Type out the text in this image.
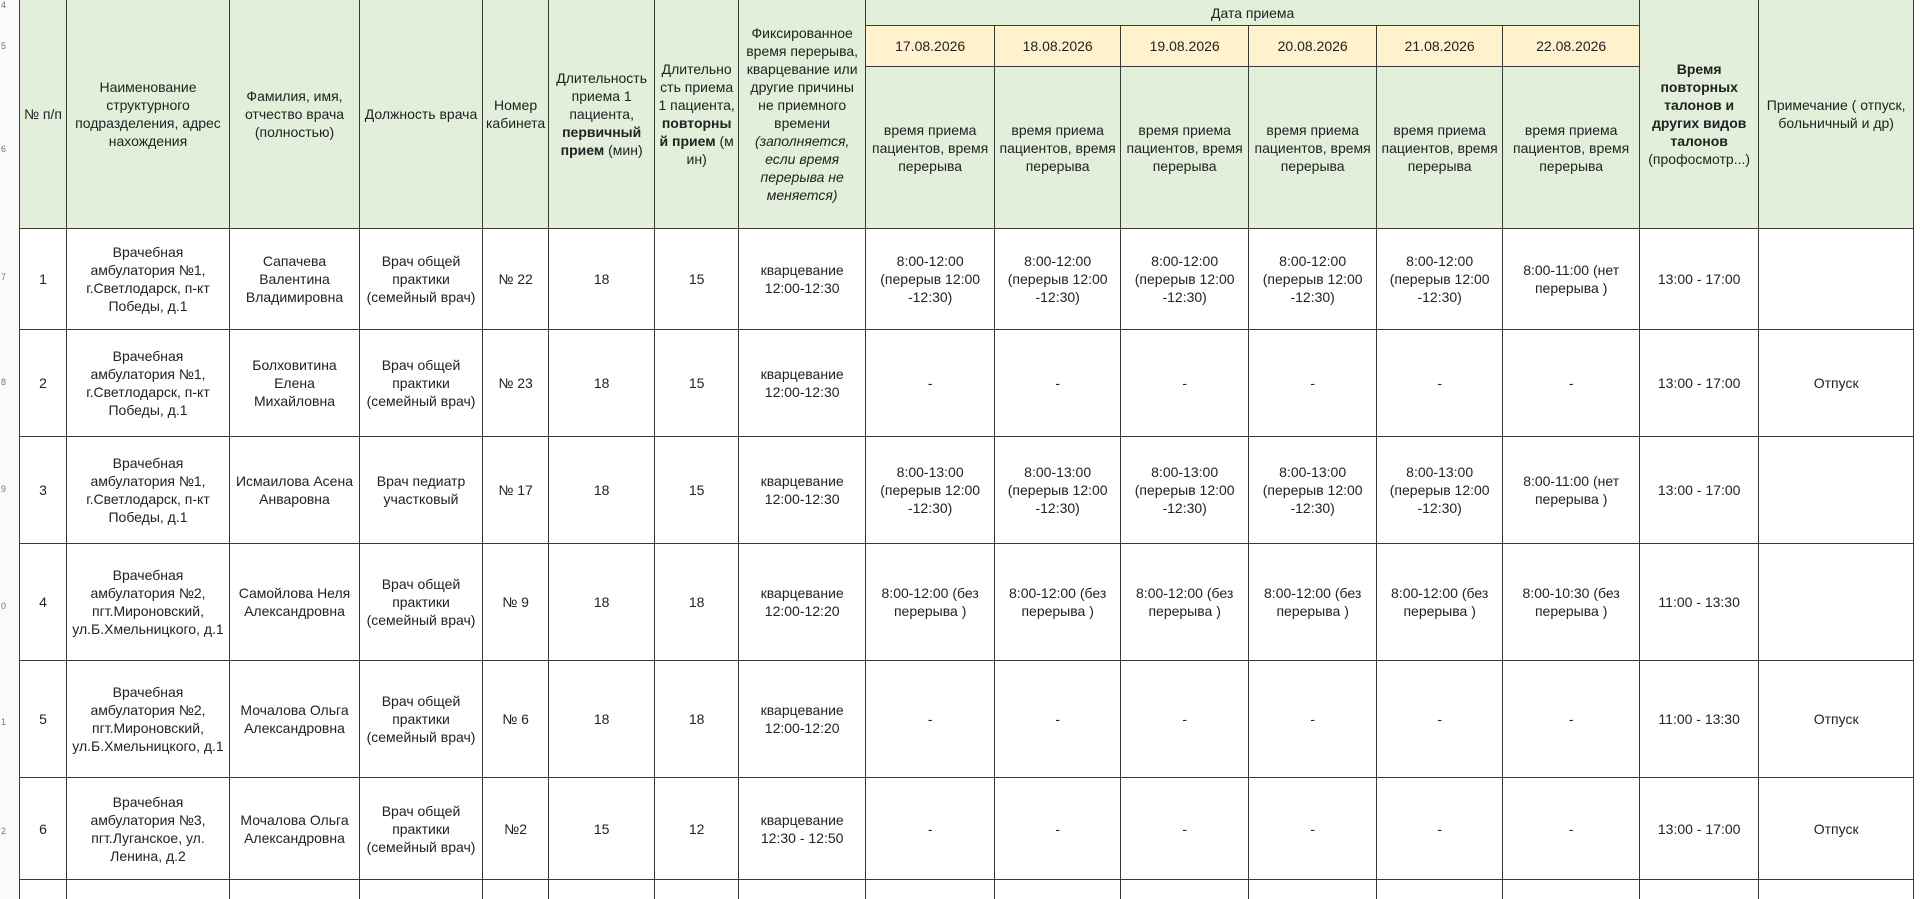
4
5
6
7
8
9
0
1
2
№ п/п	Наименование структурного подразделения, адрес нахождения	Фамилия, имя, отчество врача (полностью)	Должность врача	Номер кабинета	Длительность приема 1 пациента, первичный прием (мин)	Длительность приема 1 пациента, повторный прием (мин)	Фиксированное время перерыва, кварцевание или другие причины не приемного времени (заполняется, если время перерыва не меняется)	Дата приема						Время повторных талонов и других видов талонов (профосмотр...)	Примечание ( отпуск, больничный и др)
								17.08.2026	18.08.2026	19.08.2026	20.08.2026	21.08.2026	22.08.2026		
								время приема пациентов, время перерыва	время приема пациентов, время перерыва	время приема пациентов, время перерыва	время приема пациентов, время перерыва	время приема пациентов, время перерыва	время приема пациентов, время перерыва		
1	Врачебная амбулатория №1, г.Светлодарск, п-кт Победы, д.1	Сапачева Валентина Владимировна	Врач общей практики (семейный врач)	№ 22	18	15	кварцевание 12:00-12:30	8:00-12:00 (перерыв 12:00 -12:30)	8:00-12:00 (перерыв 12:00 -12:30)	8:00-12:00 (перерыв 12:00 -12:30)	8:00-12:00 (перерыв 12:00 -12:30)	8:00-12:00 (перерыв 12:00 -12:30)	8:00-11:00 (нет перерыва )	13:00 - 17:00	
2	Врачебная амбулатория №1, г.Светлодарск, п-кт Победы, д.1	Болховитина Елена Михайловна	Врач общей практики (семейный врач)	№ 23	18	15	кварцевание 12:00-12:30	-	-	-	-	-	-	13:00 - 17:00	Отпуск
3	Врачебная амбулатория №1, г.Светлодарск, п-кт Победы, д.1	Исмаилова Асена Анваровна	Врач педиатр участковый	№ 17	18	15	кварцевание 12:00-12:30	8:00-13:00 (перерыв 12:00 -12:30)	8:00-13:00 (перерыв 12:00 -12:30)	8:00-13:00 (перерыв 12:00 -12:30)	8:00-13:00 (перерыв 12:00 -12:30)	8:00-13:00 (перерыв 12:00 -12:30)	8:00-11:00 (нет перерыва )	13:00 - 17:00	
4	Врачебная амбулатория №2, пгт.Мироновский, ул.Б.Хмельницкого, д.1	Самойлова Неля Александровна	Врач общей практики (семейный врач)	№ 9	18	18	кварцевание 12:00-12:20	8:00-12:00 (без перерыва )	8:00-12:00 (без перерыва )	8:00-12:00 (без перерыва )	8:00-12:00 (без перерыва )	8:00-12:00 (без перерыва )	8:00-10:30 (без перерыва )	11:00 - 13:30	
5	Врачебная амбулатория №2, пгт.Мироновский, ул.Б.Хмельницкого, д.1	Мочалова Ольга Александровна	Врач общей практики (семейный врач)	№ 6	18	18	кварцевание 12:00-12:20	-	-	-	-	-	-	11:00 - 13:30	Отпуск
6	Врачебная амбулатория №3, пгт.Луганское, ул. Ленина, д.2	Мочалова Ольга Александровна	Врач общей практики (семейный врач)	№2	15	12	кварцевание 12:30 - 12:50	-	-	-	-	-	-	13:00 - 17:00	Отпуск
